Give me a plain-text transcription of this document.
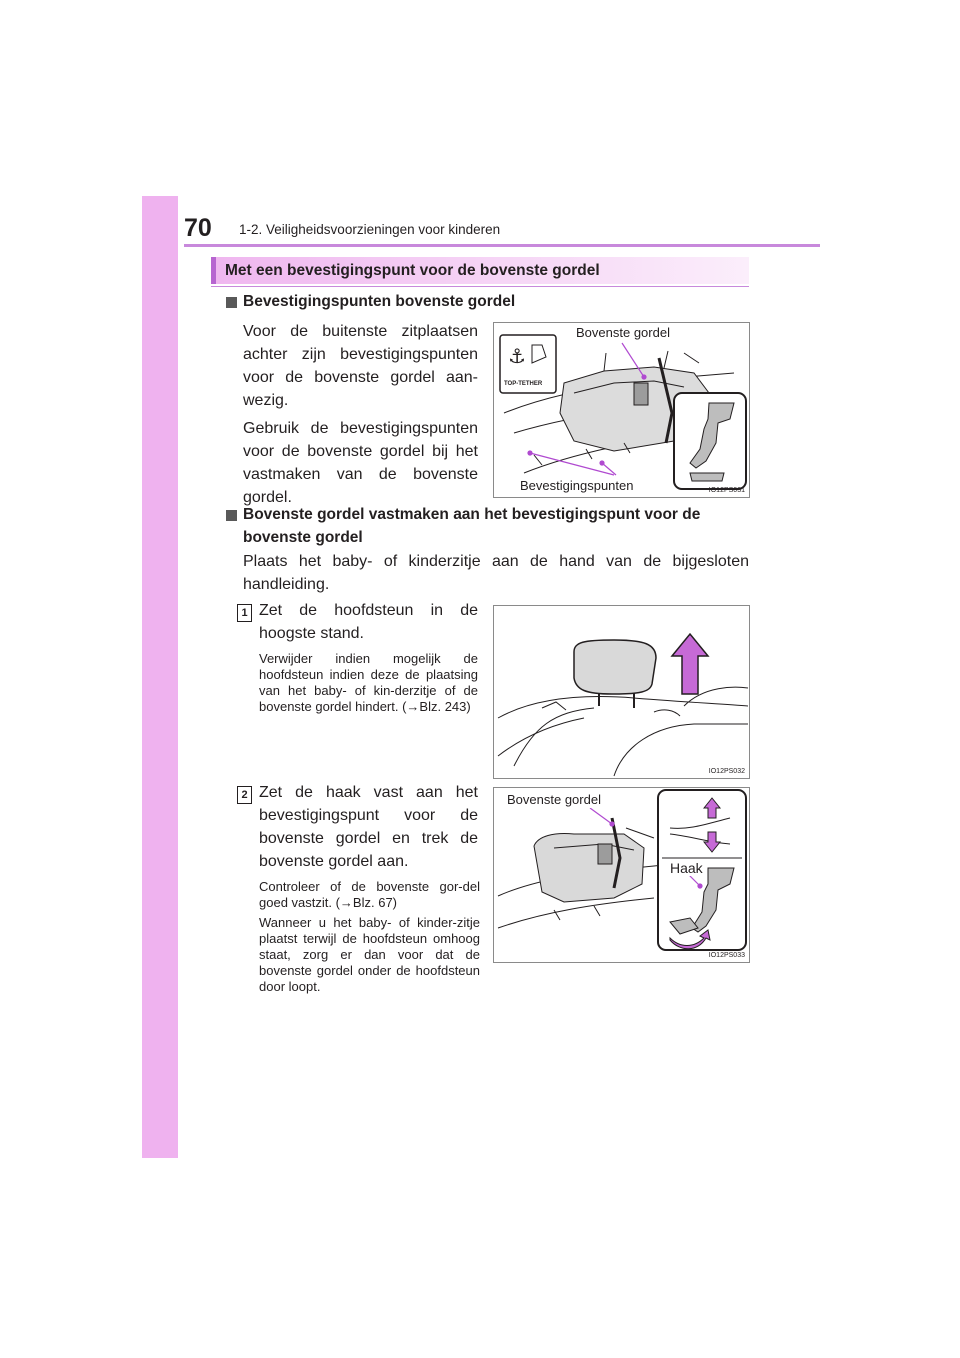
70 1-2. Veiligheidsvoorzieningen voor kinderen
Met een bevestigingspunt voor de bovenste gordel
Bevestigingspunten bovenste gordel

Voor de buitenste zitplaatsen achter zijn bevestigingspunten voor de bovenste gordel aan-wezig.

Gebruik de bevestigingspunten voor de bovenste gordel bij het vastmaken van de bovenste gordel.

⚓
TOP-TETHER
Bovenste gordel
Bevestigingspunten	IO12PS031
Bovenste gordel vastmaken aan het bevestigingspunt voor de bovenste gordel

Plaats het baby- of kinderzitje aan de hand van de bijgesloten handleiding.

1 Zet de hoofdsteun in de hoogste stand.

Verwijder indien mogelijk de hoofdsteun indien deze de plaatsing van het baby- of kin-derzitje of de bovenste gordel hindert. (→Blz. 243)

IO12PS032
2 Zet de haak vast aan het bevestigingspunt voor de bovenste gordel en trek de bovenste gordel aan.

Controleer of de bovenste gor-del goed vastzit. (→Blz. 67)

Wanneer u het baby- of kinder-zitje plaatst terwijl de hoofdsteun omhoog staat, zorg er dan voor dat de bovenste gordel onder de hoofdsteun door loopt.

Bovenste gordel
Haak
IO12PS033
